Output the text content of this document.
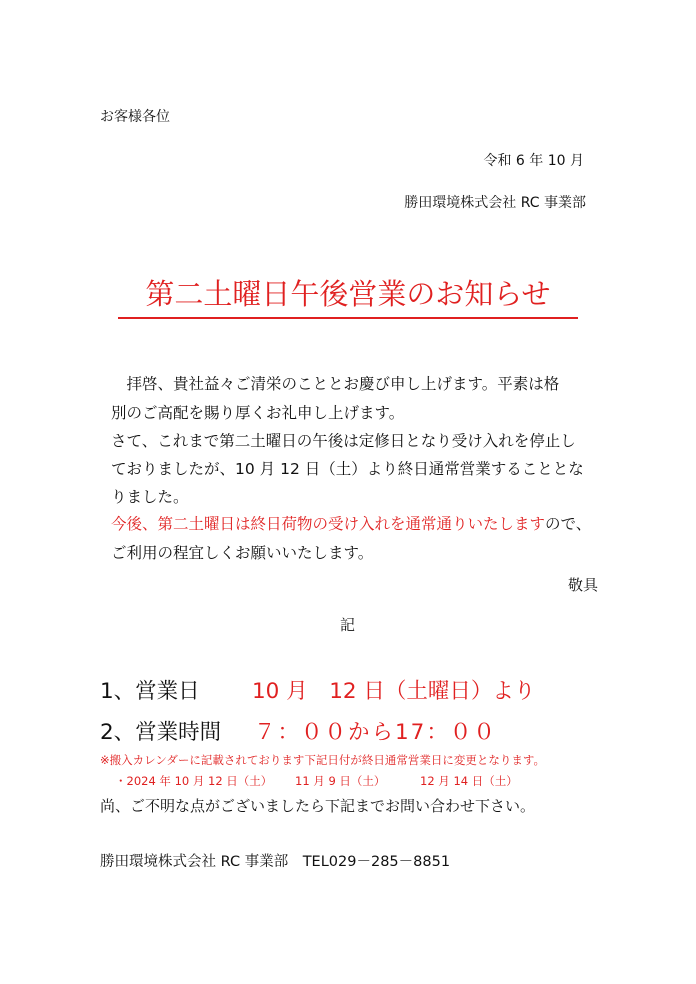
お客様各位
令和 6 年 10 月
勝田環境株式会社 RC 事業部
第二土曜日午後営業のお知らせ
　拝啓、貴社益々ご清栄のこととお慶び申し上げます。平素は格
別のご高配を賜り厚くお礼申し上げます。
さて、これまで第二土曜日の午後は定修日となり受け入れを停止し
ておりましたが、10 月 12 日（土）より終日通常営業することとな
りました。
今後、第二土曜日は終日荷物の受け入れを通常通りいたしますので、
ご利用の程宜しくお願いいたします。
敬具
記
1、営業日 10 月　12 日（土曜日）より
2、営業時間 ７：００から17：００
※搬入カレンダーに記載されております下記日付が終日通常営業日に変更となります。
・2024 年 10 月 12 日（土） 11 月 9 日（土）	12 月 14 日（土）
尚、ご不明な点がございましたら下記までお問い合わせ下さい。
勝田環境株式会社 RC 事業部　TEL029－285－8851
